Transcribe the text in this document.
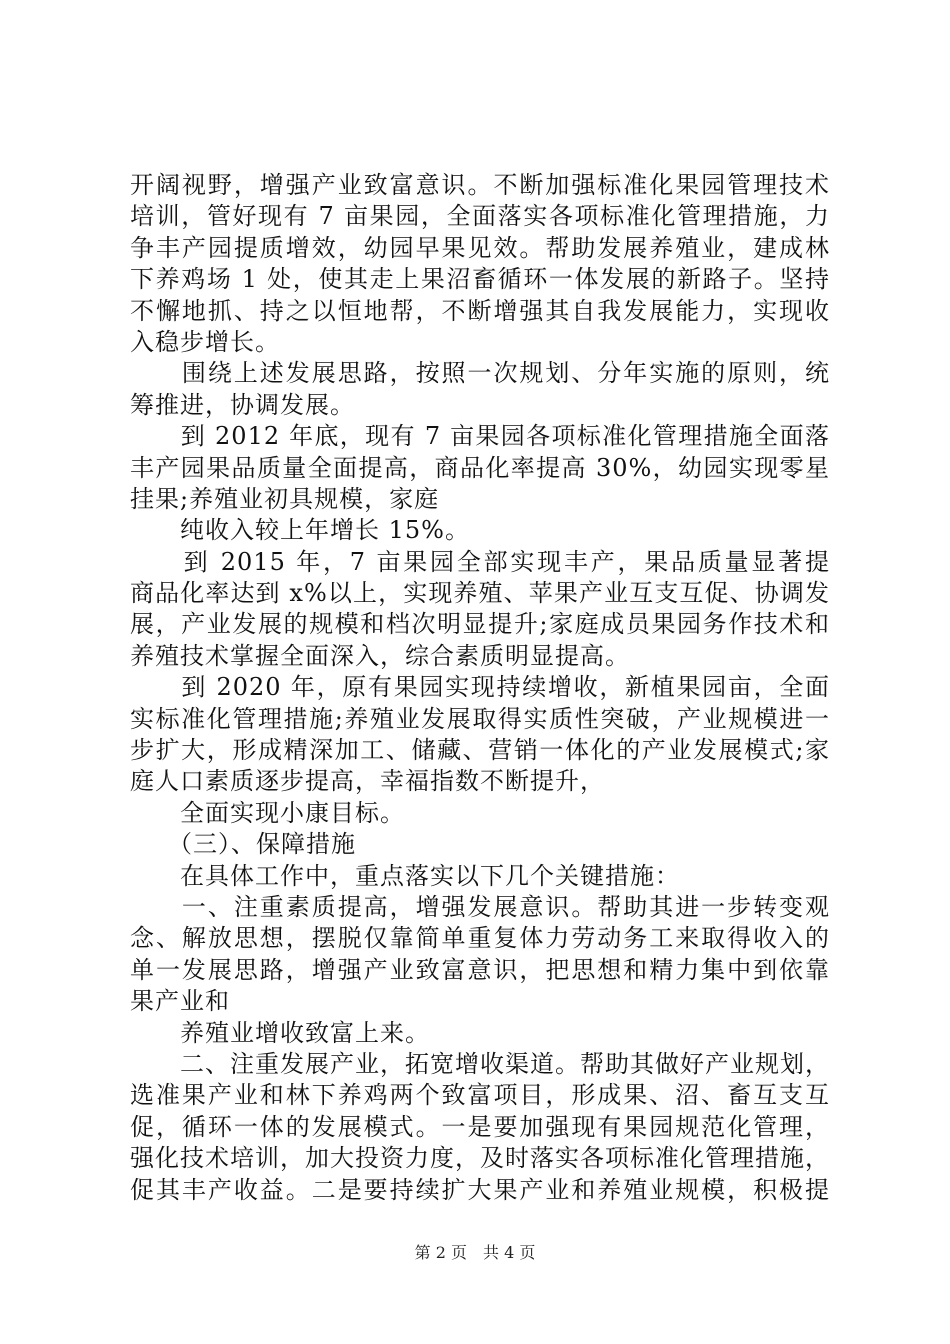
开阔视野，增强产业致富意识。不断加强标准化果园管理技术
培训，管好现有 7 亩果园，全面落实各项标准化管理措施，力
争丰产园提质增效，幼园早果见效。帮助发展养殖业，建成林
下养鸡场 1 处，使其走上果沼畜循环一体发展的新路子。坚持
不懈地抓、持之以恒地帮，不断增强其自我发展能力，实现收
入稳步增长。
　　围绕上述发展思路，按照一次规划、分年实施的原则，统
筹推进，协调发展。
　　到 2012 年底，现有 7 亩果园各项标准化管理措施全面落
丰产园果品质量全面提高，商品化率提高 30%，幼园实现零星
挂果;养殖业初具规模，家庭
　　纯收入较上年增长 15%。
　　到 2015 年，7 亩果园全部实现丰产，果品质量显著提
商品化率达到 x%以上，实现养殖、苹果产业互支互促、协调发
展，产业发展的规模和档次明显提升;家庭成员果园务作技术和
养殖技术掌握全面深入，综合素质明显提高。
　　到 2020 年，原有果园实现持续增收，新植果园亩，全面
实标准化管理措施;养殖业发展取得实质性突破，产业规模进一
步扩大，形成精深加工、储藏、营销一体化的产业发展模式;家
庭人口素质逐步提高，幸福指数不断提升，
　　全面实现小康目标。
　　（三）、保障措施
　　在具体工作中，重点落实以下几个关键措施：
　　一、注重素质提高，增强发展意识。帮助其进一步转变观
念、解放思想，摆脱仅靠简单重复体力劳动务工来取得收入的
单一发展思路，增强产业致富意识，把思想和精力集中到依靠
果产业和
　　养殖业增收致富上来。
　　二、注重发展产业，拓宽增收渠道。帮助其做好产业规划，
选准果产业和林下养鸡两个致富项目，形成果、沼、畜互支互
促，循环一体的发展模式。一是要加强现有果园规范化管理，
强化技术培训，加大投资力度，及时落实各项标准化管理措施，
促其丰产收益。二是要持续扩大果产业和养殖业规模，积极提
第 2 页　共 4 页
